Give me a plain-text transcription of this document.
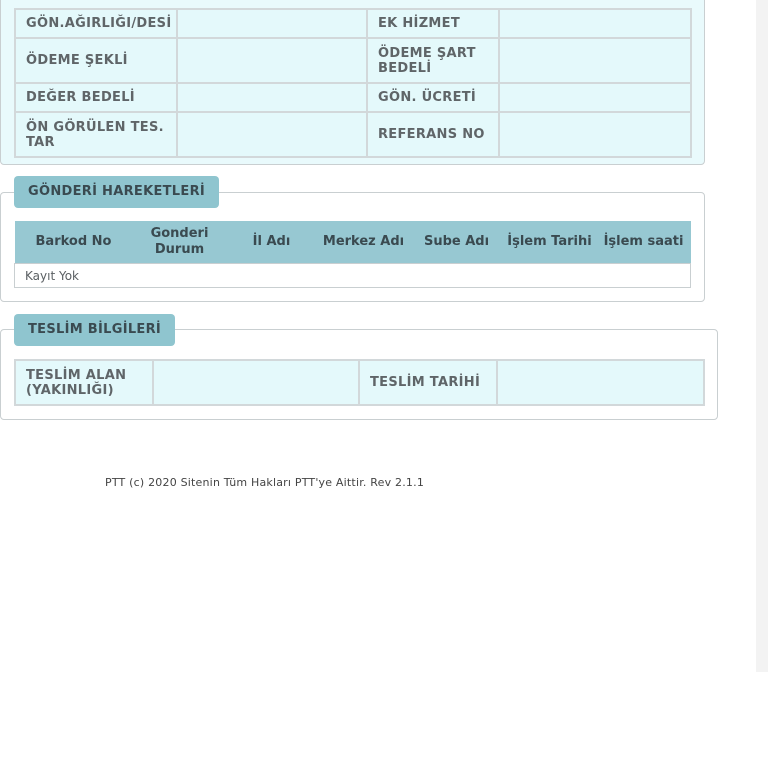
GÖN.AĞIRLIĞI/DESİ		EK HİZMET	
ÖDEME ŞEKLİ		ÖDEME ŞART BEDELİ	
DEĞER BEDELİ		GÖN. ÜCRETİ	
ÖN GÖRÜLEN TES. TAR		REFERANS NO	
GÖNDERİ HAREKETLERİ
Barkod No	Gonderi Durum	İl Adı	Merkez Adı	Sube Adı	İşlem Tarihi	İşlem saati
Kayıt Yok
TESLİM BİLGİLERİ
TESLİM ALAN (YAKINLIĞI)		TESLİM TARİHİ	
PTT (c) 2020 Sitenin Tüm Hakları PTT'ye Aittir. Rev 2.1.1
